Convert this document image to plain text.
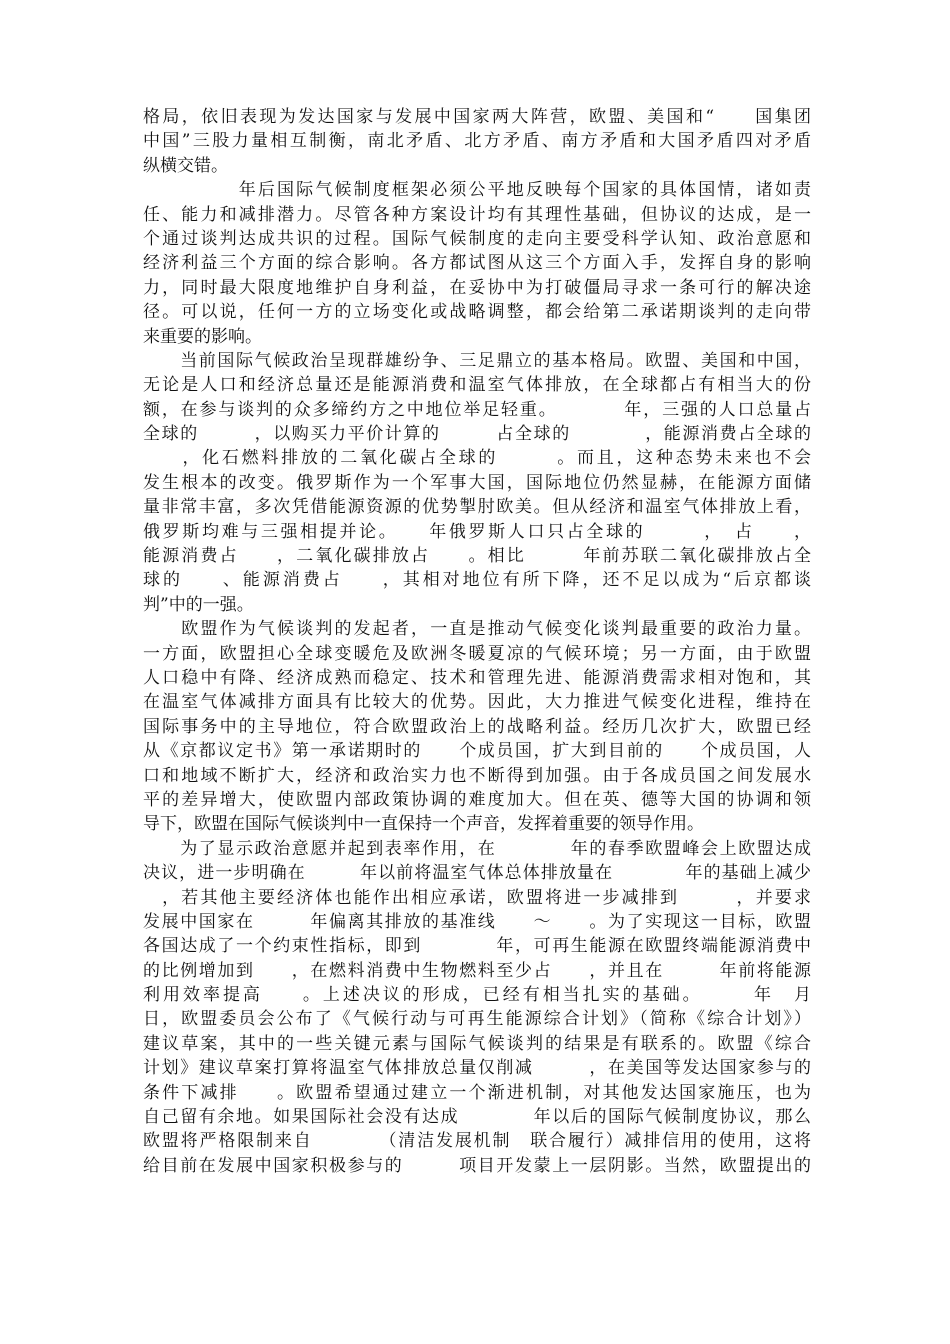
格局，依旧表现为发达国家与发展中国家两大阵营，欧盟、美国和“　　国集团
中国”三股力量相互制衡，南北矛盾、北方矛盾、南方矛盾和大国矛盾四对矛盾
纵横交错。
　　　　　年后国际气候制度框架必须公平地反映每个国家的具体国情，诸如责
任、能力和减排潜力。尽管各种方案设计均有其理性基础，但协议的达成，是一
个通过谈判达成共识的过程。国际气候制度的走向主要受科学认知、政治意愿和
经济利益三个方面的综合影响。各方都试图从这三个方面入手，发挥自身的影响
力，同时最大限度地维护自身利益，在妥协中为打破僵局寻求一条可行的解决途
径。可以说，任何一方的立场变化或战略调整，都会给第二承诺期谈判的走向带
来重要的影响。
　　当前国际气候政治呈现群雄纷争、三足鼎立的基本格局。欧盟、美国和中国，
无论是人口和经济总量还是能源消费和温室气体排放，在全球都占有相当大的份
额，在参与谈判的众多缔约方之中地位举足轻重。　　　　年，三强的人口总量占
全球的　　　，以购买力平价计算的　　　占全球的　　　　，能源消费占全球的
　　，化石燃料排放的二氧化碳占全球的　　　。而且，这种态势未来也不会
发生根本的改变。俄罗斯作为一个军事大国，国际地位仍然显赫，在能源方面储
量非常丰富，多次凭借能源资源的优势掣肘欧美。但从经济和温室气体排放上看，
俄罗斯均难与三强相提并论。　　年俄罗斯人口只占全球的　　　，　占　　，
能源消费占　　，二氧化碳排放占　　。相比　　　年前苏联二氧化碳排放占全
球的　　、能源消费占　　，其相对地位有所下降，还不足以成为“后京都谈
判”中的一强。
　　欧盟作为气候谈判的发起者，一直是推动气候变化谈判最重要的政治力量。
一方面，欧盟担心全球变暖危及欧洲冬暖夏凉的气候环境；另一方面，由于欧盟
人口稳中有降、经济成熟而稳定、技术和管理先进、能源消费需求相对饱和，其
在温室气体减排方面具有比较大的优势。因此，大力推进气候变化进程，维持在
国际事务中的主导地位，符合欧盟政治上的战略利益。经历几次扩大，欧盟已经
从《京都议定书》第一承诺期时的　　个成员国，扩大到目前的　　个成员国，人
口和地域不断扩大，经济和政治实力也不断得到加强。由于各成员国之间发展水
平的差异增大，使欧盟内部政策协调的难度加大。但在英、德等大国的协调和领
导下，欧盟在国际气候谈判中一直保持一个声音，发挥着重要的领导作用。
　　为了显示政治意愿并起到表率作用，在　　　　年的春季欧盟峰会上欧盟达成
决议，进一步明确在　　　年以前将温室气体总体排放量在　　　　年的基础上减少
　，若其他主要经济体也能作出相应承诺，欧盟将进一步减排到　　　，并要求
发展中国家在　　　年偏离其排放的基准线　　～　　。为了实现这一目标，欧盟
各国达成了一个约束性指标，即到　　　　年，可再生能源在欧盟终端能源消费中
的比例增加到　　，在燃料消费中生物燃料至少占　　，并且在　　　年前将能源
利用效率提高　　。上述决议的形成，已经有相当扎实的基础。　　　年　月
日，欧盟委员会公布了《气候行动与可再生能源综合计划》（简称《综合计划》）
建议草案，其中的一些关键元素与国际气候谈判的结果是有联系的。欧盟《综合
计划》建议草案打算将温室气体排放总量仅削减　　　，在美国等发达国家参与的
条件下减排　　。欧盟希望通过建立一个渐进机制，对其他发达国家施压，也为
自己留有余地。如果国际社会没有达成　　　　年以后的国际气候制度协议，那么
欧盟将严格限制来自　　　　（清洁发展机制　联合履行）减排信用的使用，这将
给目前在发展中国家积极参与的　　　项目开发蒙上一层阴影。当然，欧盟提出的
